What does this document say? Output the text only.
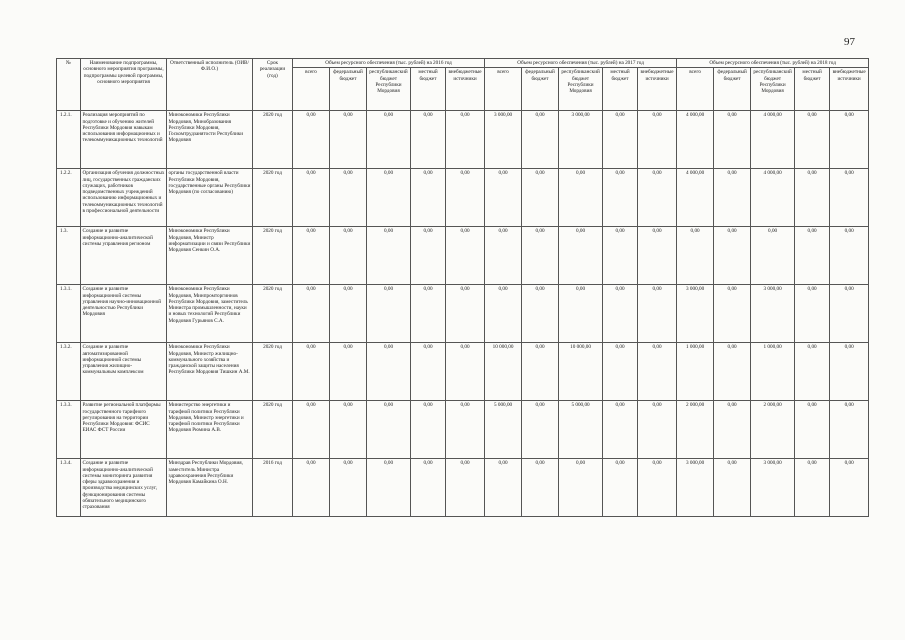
97
№	Наименование подпрограммы, основного мероприятия программы, подпрограммы целевой программы, основного мероприятия	Ответственный исполнитель (ОИВ/Ф.И.О.)	Срок реализации (год)	Объем ресурсного обеспечения (тыс. рублей) на 2016 год					Объем ресурсного обеспечения (тыс. рублей) на 2017 год					Объем ресурсного обеспечения (тыс. рублей) на 2018 год				
				всего	федеральный бюджет	республиканский бюджет Республики Мордовия	местный бюджет	внебюджетные источники	всего	федеральный бюджет	республиканский бюджет Республики Мордовия	местный бюджет	внебюджетные источники	всего	федеральный бюджет	республиканский бюджет Республики Мордовия	местный бюджет	внебюджетные источники
1.2.1.	Реализация мероприятий по подготовке и обучению жителей Республики Мордовия навыкам использования информационных и телекоммуникационных технологий	Минэкономики Республики Мордовия, Минобразования Республики Мордовия, Госкомтрудзанятости Республики Мордовия	2020 год	0,00	0,00	0,00	0,00	0,00	3 000,00	0,00	3 000,00	0,00	0,00	4 000,00	0,00	4 000,00	0,00	0,00
1.2.2.	Организация обучения должностных лиц, государственных гражданских служащих, работников подведомственных учреждений использованию информационных и телекоммуникационных технологий в профессиональной деятельности	органы государственной власти Республики Мордовия, государственные органы Республики Мордовия (по согласованию)	2020 год	0,00	0,00	0,00	0,00	0,00	0,00	0,00	0,00	0,00	0,00	4 000,00	0,00	4 000,00	0,00	0,00
1.3.	Создание и развитие информационно-аналитической системы управления регионом	Минэкономики Республики Мордовия, Министр информатизации и связи Республики Мордовия Сенкин О.А.	2020 год	0,00	0,00	0,00	0,00	0,00	0,00	0,00	0,00	0,00	0,00	0,00	0,00	0,00	0,00	0,00
1.3.1.	Создание и развитие информационной системы управления научно-инновационной деятельностью Республики Мордовия	Минэкономики Республики Мордовия, Минпромторгиннов Республики Мордовия, заместитель Министра промышленности, науки и новых технологий Республики Мордовия Гурьянов С.А.	2020 год	0,00	0,00	0,00	0,00	0,00	0,00	0,00	0,00	0,00	0,00	3 000,00	0,00	3 000,00	0,00	0,00
1.3.2.	Создание и развитие автоматизированной информационной системы управления жилищно-коммунальным комплексом	Минэкономики Республики Мордовия, Министр жилищно-коммунального хозяйства и гражданской защиты населения Республики Мордовия Тишкин А.М.	2020 год	0,00	0,00	0,00	0,00	0,00	10 000,00	0,00	10 000,00	0,00	0,00	1 000,00	0,00	1 000,00	0,00	0,00
1.3.3.	Развитие региональной платформы государственного тарифного регулирования на территории Республики Мордовия: ФСИС ЕИАС ФСТ России	Министерство энергетики и тарифной политики Республики Мордовия, Министр энергетики и тарифной политики Республики Мордовия Рюмина А.В.	2020 год	0,00	0,00	0,00	0,00	0,00	5 000,00	0,00	5 000,00	0,00	0,00	2 000,00	0,00	2 000,00	0,00	0,00
1.3.4.	Создание и развитие информационно-аналитической системы мониторинга развития сферы здравоохранения и производства медицинских услуг, функционирования системы обязательного медицинского страхования	Минздрав Республики Мордовия, заместитель Министра здравоохранения Республики Мордовия Камайкина О.Н.	2016 год	0,00	0,00	0,00	0,00	0,00	0,00	0,00	0,00	0,00	0,00	3 000,00	0,00	3 000,00	0,00	0,00
